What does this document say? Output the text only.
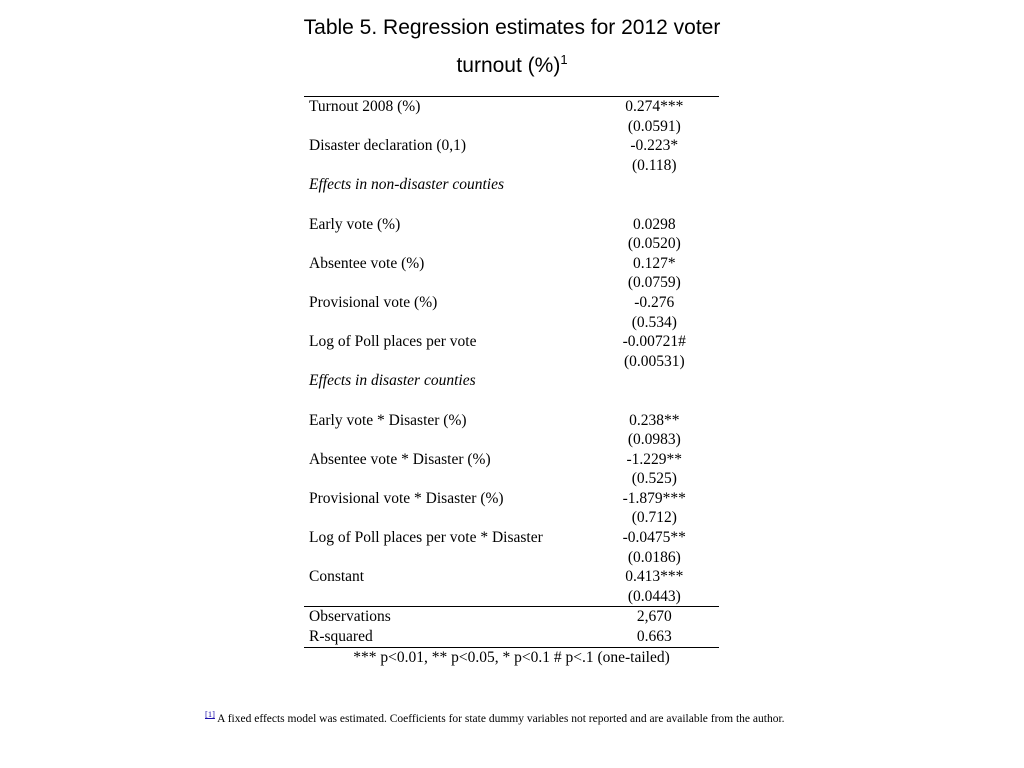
Table 5. Regression estimates for 2012 voter
turnout (%)$^1$
Turnout 2008 (%)	0.274***
(0.0591)
Disaster declaration (0,1)	-0.223*
(0.118)
Effects in non-disaster counties
Early vote (%)	0.0298
(0.0520)
Absentee vote (%)	0.127*
(0.0759)
Provisional vote (%)	-0.276
(0.534)
Log of Poll places per vote	-0.00721#
(0.00531)
Effects in disaster counties
Early vote * Disaster (%)	0.238**
(0.0983)
Absentee vote * Disaster (%)	-1.229**
(0.525)
Provisional vote * Disaster (%)	-1.879***
(0.712)
Log of Poll places per vote * Disaster	-0.0475**
(0.0186)
Constant	0.413***
(0.0443)
Observations	2,670
R-squared	0.663
*** p<0.01, ** p<0.05, * p<0.1 # p<.1 (one-tailed)
[1] A fixed effects model was estimated. Coefficients for state dummy variables not reported and are available from the author.
